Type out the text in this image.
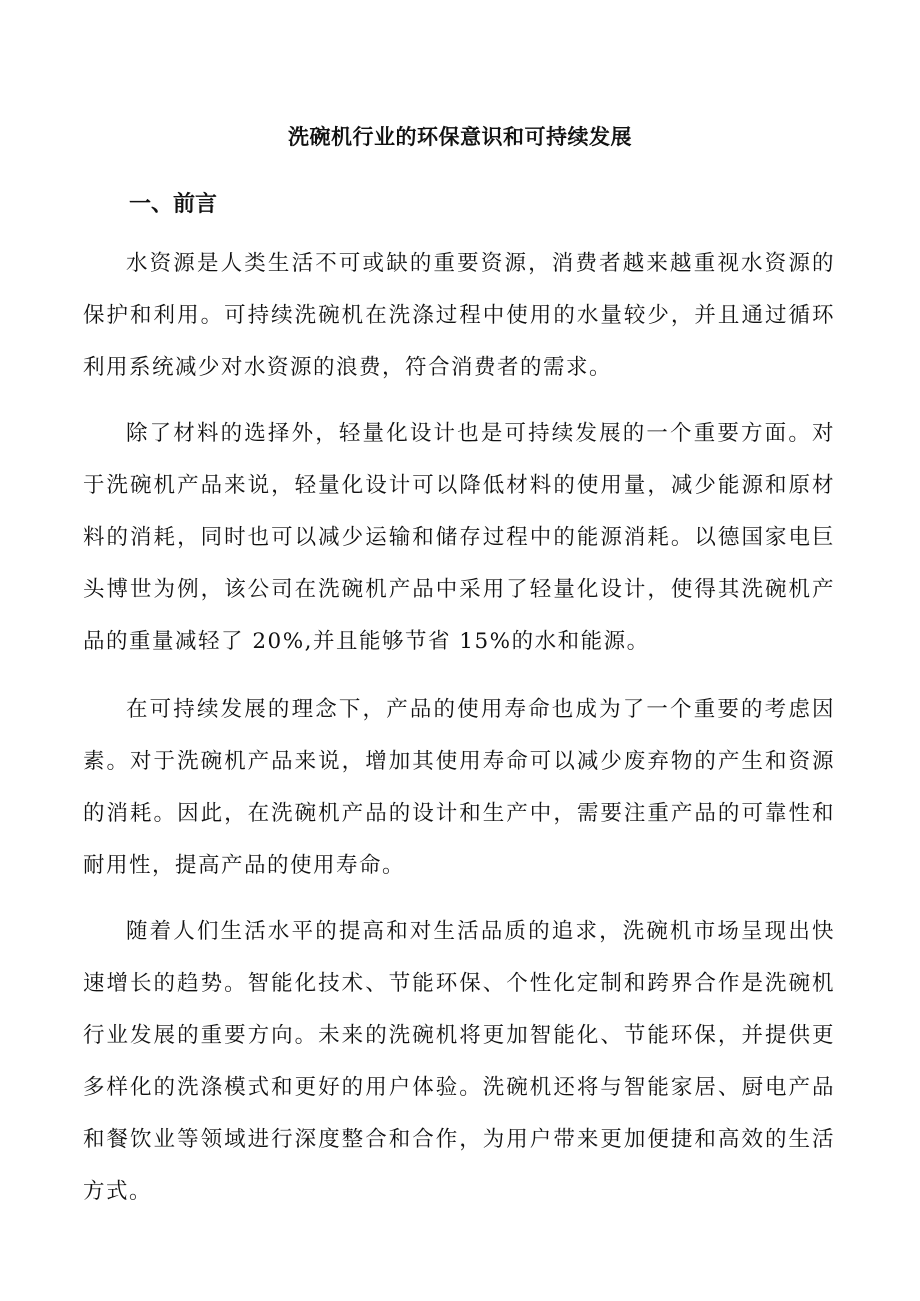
洗碗机行业的环保意识和可持续发展
一、前言

水资源是人类生活不可或缺的重要资源，消费者越来越重视水资源的保护和利用。可持续洗碗机在洗涤过程中使用的水量较少，并且通过循环利用系统减少对水资源的浪费，符合消费者的需求。

除了材料的选择外，轻量化设计也是可持续发展的一个重要方面。对于洗碗机产品来说，轻量化设计可以降低材料的使用量，减少能源和原材料的消耗，同时也可以减少运输和储存过程中的能源消耗。以德国家电巨头博世为例，该公司在洗碗机产品中采用了轻量化设计，使得其洗碗机产品的重量减轻了 20%,并且能够节省 15%的水和能源。

在可持续发展的理念下，产品的使用寿命也成为了一个重要的考虑因素。对于洗碗机产品来说，增加其使用寿命可以减少废弃物的产生和资源的消耗。因此，在洗碗机产品的设计和生产中，需要注重产品的可靠性和耐用性，提高产品的使用寿命。

随着人们生活水平的提高和对生活品质的追求，洗碗机市场呈现出快速增长的趋势。智能化技术、节能环保、个性化定制和跨界合作是洗碗机行业发展的重要方向。未来的洗碗机将更加智能化、节能环保，并提供更多样化的洗涤模式和更好的用户体验。洗碗机还将与智能家居、厨电产品和餐饮业等领域进行深度整合和合作，为用户带来更加便捷和高效的生活方式。
